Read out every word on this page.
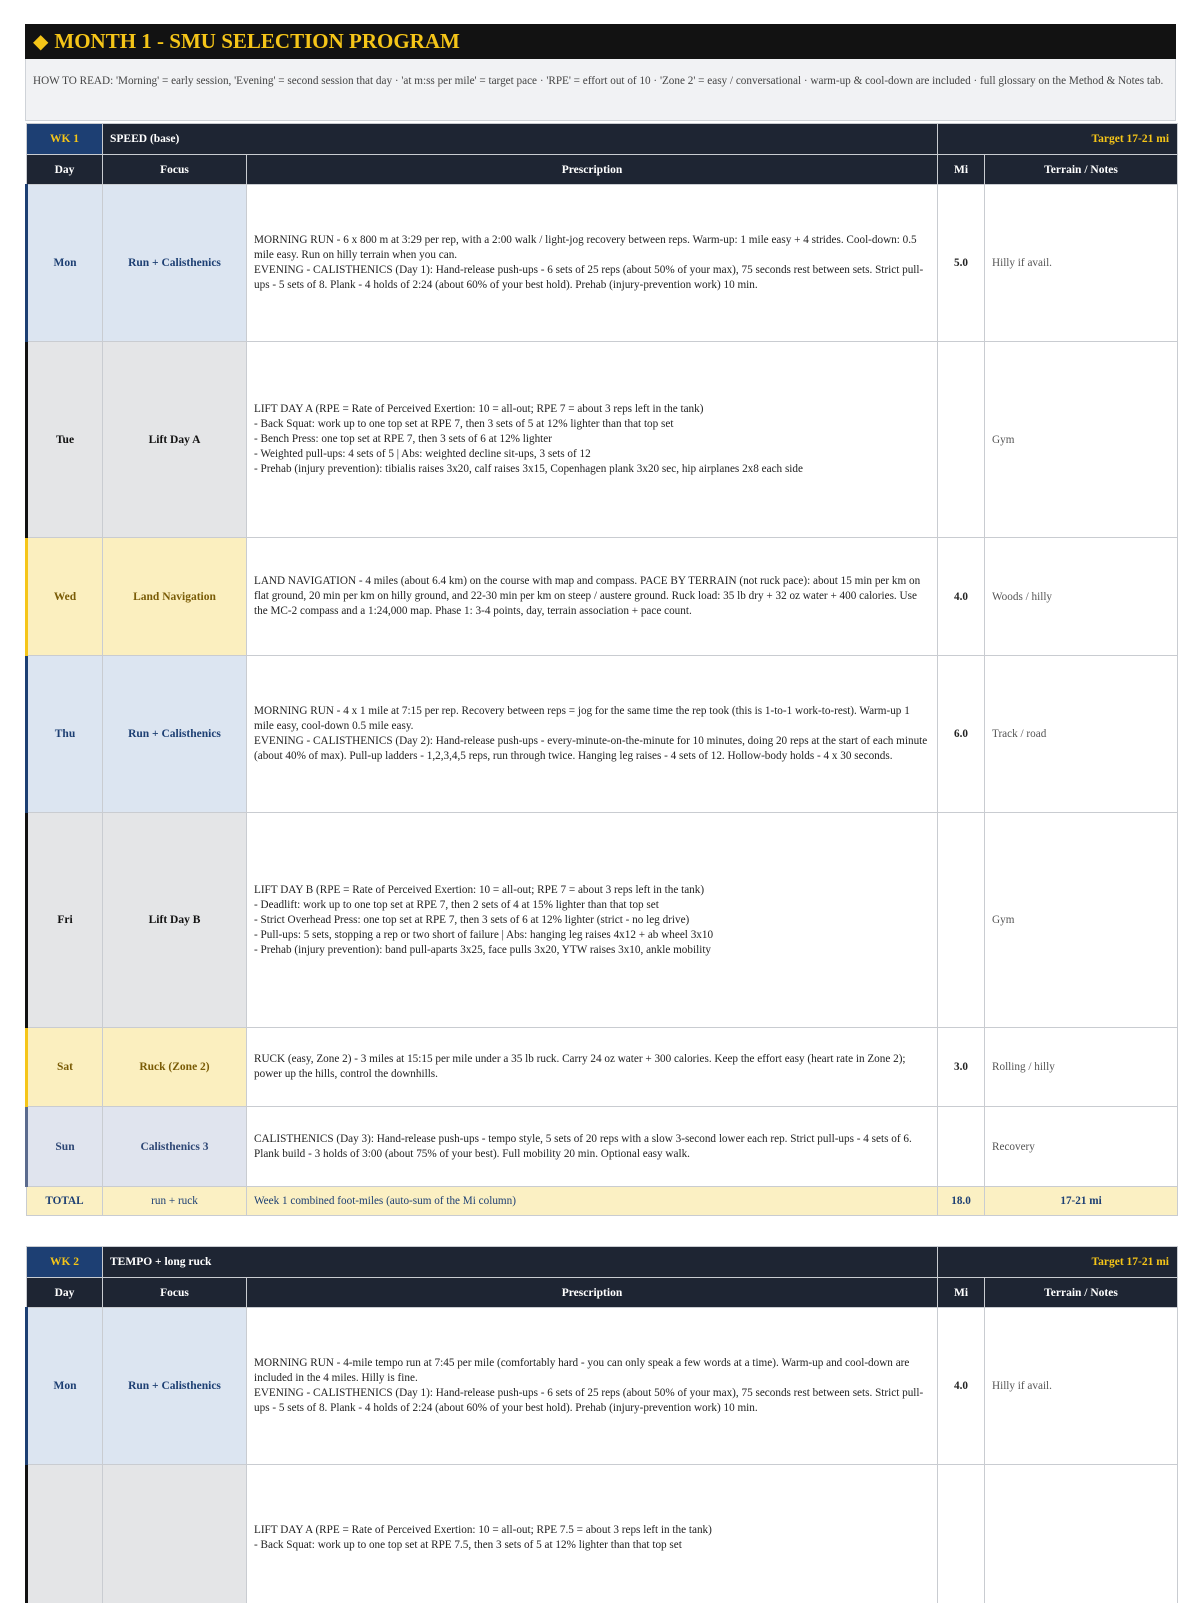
◆ MONTH 1 - SMU SELECTION PROGRAM
HOW TO READ: 'Morning' = early session, 'Evening' = second session that day · 'at m:ss per mile' = target pace · 'RPE' = effort out of 10 · 'Zone 2' = easy / conversational · warm-up & cool-down are included · full glossary on the Method & Notes tab.
WK 1	SPEED (base)		Target 17-21 mi	
Day	Focus	Prescription	Mi	Terrain / Notes
Mon	Run + Calisthenics	MORNING RUN - 6 x 800 m at 3:29 per rep, with a 2:00 walk / light-jog recovery between reps. Warm-up: 1 mile easy + 4 strides. Cool-down: 0.5 mile easy. Run on hilly terrain when you can.
EVENING - CALISTHENICS (Day 1): Hand-release push-ups - 6 sets of 25 reps (about 50% of your max), 75 seconds rest between sets. Strict pull-ups - 5 sets of 8. Plank - 4 holds of 2:24 (about 60% of your best hold). Prehab (injury-prevention work) 10 min.	5.0	Hilly if avail.
Tue	Lift Day A	LIFT DAY A (RPE = Rate of Perceived Exertion: 10 = all-out; RPE 7 = about 3 reps left in the tank)
- Back Squat: work up to one top set at RPE 7, then 3 sets of 5 at 12% lighter than that top set
- Bench Press: one top set at RPE 7, then 3 sets of 6 at 12% lighter
- Weighted pull-ups: 4 sets of 5 | Abs: weighted decline sit-ups, 3 sets of 12
- Prehab (injury prevention): tibialis raises 3x20, calf raises 3x15, Copenhagen plank 3x20 sec, hip airplanes 2x8 each side		Gym
Wed	Land Navigation	LAND NAVIGATION - 4 miles (about 6.4 km) on the course with map and compass. PACE BY TERRAIN (not ruck pace): about 15 min per km on flat ground, 20 min per km on hilly ground, and 22-30 min per km on steep / austere ground. Ruck load: 35 lb dry + 32 oz water + 400 calories. Use the MC-2 compass and a 1:24,000 map. Phase 1: 3-4 points, day, terrain association + pace count.	4.0	Woods / hilly
Thu	Run + Calisthenics	MORNING RUN - 4 x 1 mile at 7:15 per rep. Recovery between reps = jog for the same time the rep took (this is 1-to-1 work-to-rest). Warm-up 1 mile easy, cool-down 0.5 mile easy.
EVENING - CALISTHENICS (Day 2): Hand-release push-ups - every-minute-on-the-minute for 10 minutes, doing 20 reps at the start of each minute (about 40% of max). Pull-up ladders - 1,2,3,4,5 reps, run through twice. Hanging leg raises - 4 sets of 12. Hollow-body holds - 4 x 30 seconds.	6.0	Track / road
Fri	Lift Day B	LIFT DAY B (RPE = Rate of Perceived Exertion: 10 = all-out; RPE 7 = about 3 reps left in the tank)
- Deadlift: work up to one top set at RPE 7, then 2 sets of 4 at 15% lighter than that top set
- Strict Overhead Press: one top set at RPE 7, then 3 sets of 6 at 12% lighter (strict - no leg drive)
- Pull-ups: 5 sets, stopping a rep or two short of failure | Abs: hanging leg raises 4x12 + ab wheel 3x10
- Prehab (injury prevention): band pull-aparts 3x25, face pulls 3x20, YTW raises 3x10, ankle mobility		Gym
Sat	Ruck (Zone 2)	RUCK (easy, Zone 2) - 3 miles at 15:15 per mile under a 35 lb ruck. Carry 24 oz water + 300 calories. Keep the effort easy (heart rate in Zone 2); power up the hills, control the downhills.	3.0	Rolling / hilly
Sun	Calisthenics 3	CALISTHENICS (Day 3): Hand-release push-ups - tempo style, 5 sets of 20 reps with a slow 3-second lower each rep. Strict pull-ups - 4 sets of 6. Plank build - 3 holds of 3:00 (about 75% of your best). Full mobility 20 min. Optional easy walk.		Recovery
TOTAL	run + ruck	Week 1 combined foot-miles (auto-sum of the Mi column)	18.0	17-21 mi
WK 2	TEMPO + long ruck		Target 17-21 mi	
Day	Focus	Prescription	Mi	Terrain / Notes
Mon	Run + Calisthenics	MORNING RUN - 4-mile tempo run at 7:45 per mile (comfortably hard - you can only speak a few words at a time). Warm-up and cool-down are included in the 4 miles. Hilly is fine.
EVENING - CALISTHENICS (Day 1): Hand-release push-ups - 6 sets of 25 reps (about 50% of your max), 75 seconds rest between sets. Strict pull-ups - 5 sets of 8. Plank - 4 holds of 2:24 (about 60% of your best hold). Prehab (injury-prevention work) 10 min.	4.0	Hilly if avail.
		LIFT DAY A (RPE = Rate of Perceived Exertion: 10 = all-out; RPE 7.5 = about 3 reps left in the tank)
- Back Squat: work up to one top set at RPE 7.5, then 3 sets of 5 at 12% lighter than that top set		
